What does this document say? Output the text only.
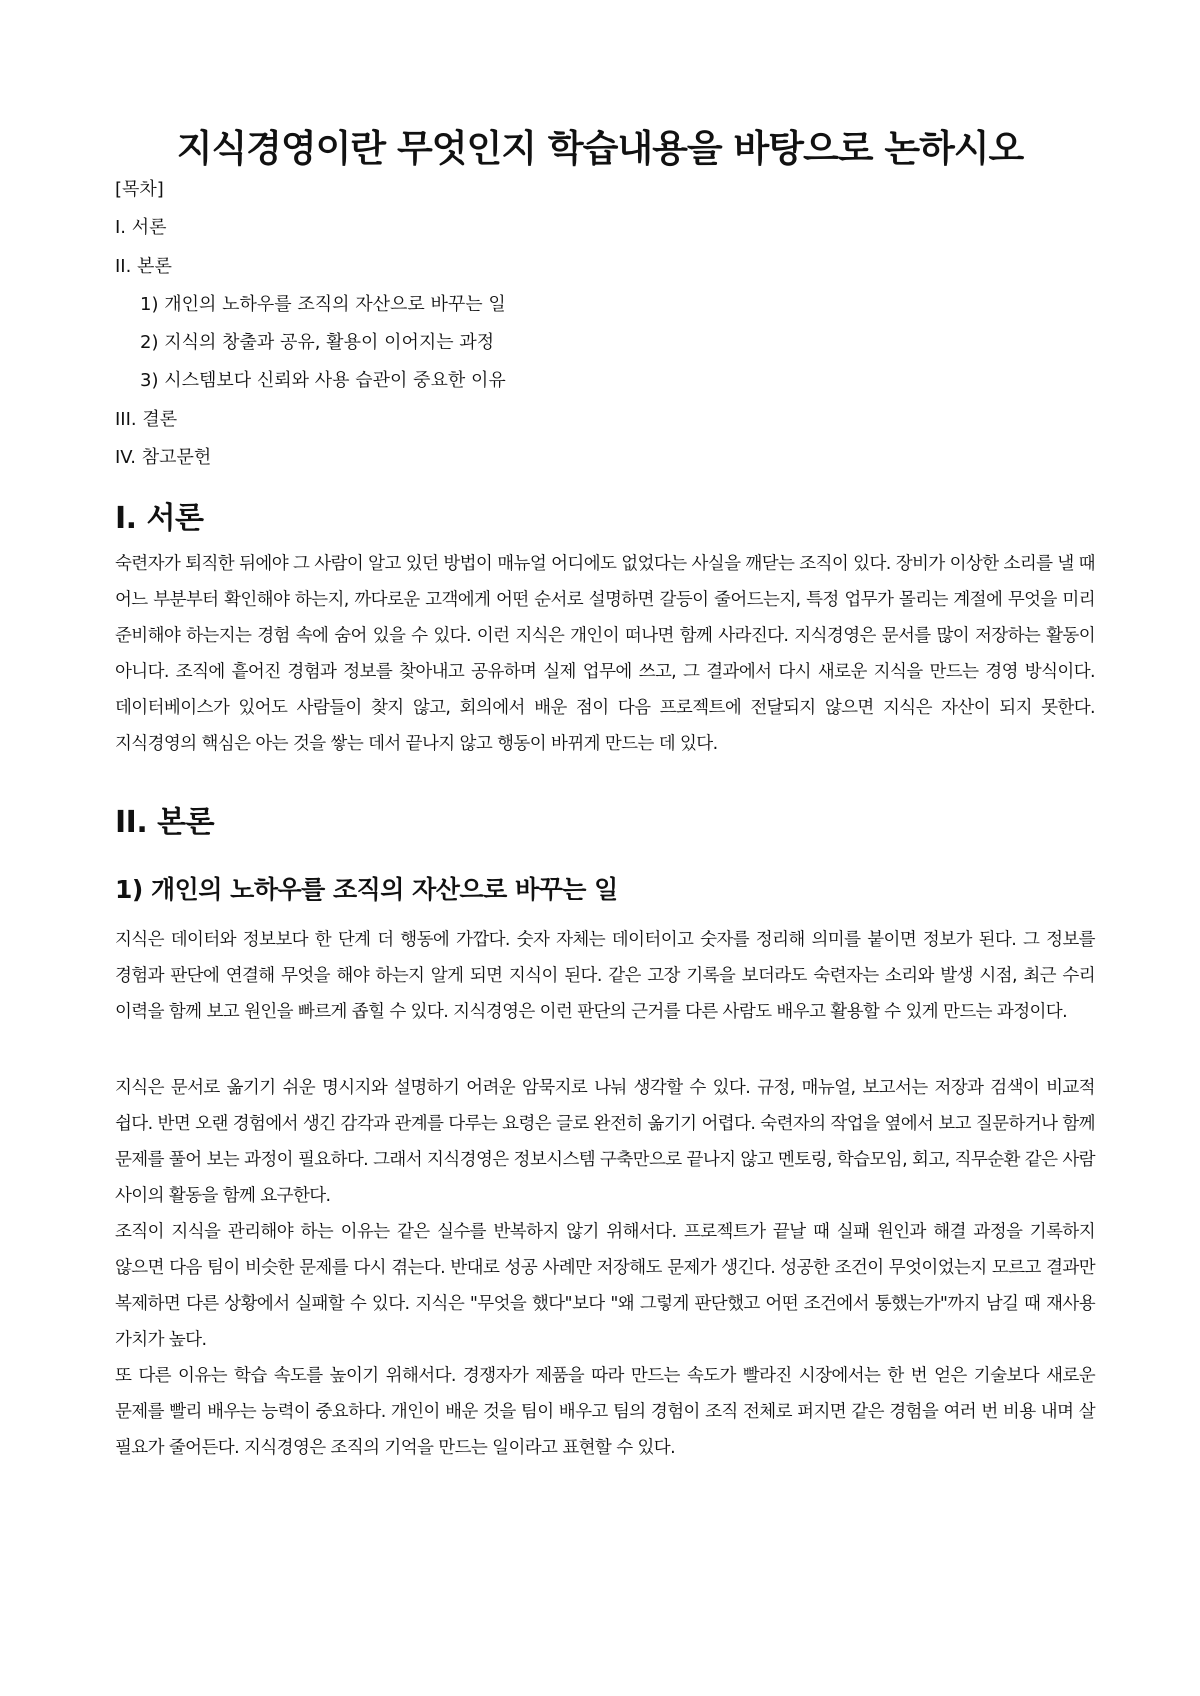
지식경영이란 무엇인지 학습내용을 바탕으로 논하시오

[목차]

I. 서론

II. 본론

1) 개인의 노하우를 조직의 자산으로 바꾸는 일

2) 지식의 창출과 공유, 활용이 이어지는 과정

3) 시스템보다 신뢰와 사용 습관이 중요한 이유

III. 결론

IV. 참고문헌

I. 서론

숙련자가 퇴직한 뒤에야 그 사람이 알고 있던 방법이 매뉴얼 어디에도 없었다는 사실을 깨닫는 조직이 있다. 장비가 이상한 소리를 낼 때 어느 부분부터 확인해야 하는지, 까다로운 고객에게 어떤 순서로 설명하면 갈등이 줄어드는지, 특정 업무가 몰리는 계절에 무엇을 미리 준비해야 하는지는 경험 속에 숨어 있을 수 있다. 이런 지식은 개인이 떠나면 함께 사라진다. 지식경영은 문서를 많이 저장하는 활동이 아니다. 조직에 흩어진 경험과 정보를 찾아내고 공유하며 실제 업무에 쓰고, 그 결과에서 다시 새로운 지식을 만드는 경영 방식이다. 데이터베이스가 있어도 사람들이 찾지 않고, 회의에서 배운 점이 다음 프로젝트에 전달되지 않으면 지식은 자산이 되지 못한다. 지식경영의 핵심은 아는 것을 쌓는 데서 끝나지 않고 행동이 바뀌게 만드는 데 있다.

II. 본론
1) 개인의 노하우를 조직의 자산으로 바꾸는 일

지식은 데이터와 정보보다 한 단계 더 행동에 가깝다. 숫자 자체는 데이터이고 숫자를 정리해 의미를 붙이면 정보가 된다. 그 정보를 경험과 판단에 연결해 무엇을 해야 하는지 알게 되면 지식이 된다. 같은 고장 기록을 보더라도 숙련자는 소리와 발생 시점, 최근 수리 이력을 함께 보고 원인을 빠르게 좁힐 수 있다. 지식경영은 이런 판단의 근거를 다른 사람도 배우고 활용할 수 있게 만드는 과정이다.

지식은 문서로 옮기기 쉬운 명시지와 설명하기 어려운 암묵지로 나눠 생각할 수 있다. 규정, 매뉴얼, 보고서는 저장과 검색이 비교적 쉽다. 반면 오랜 경험에서 생긴 감각과 관계를 다루는 요령은 글로 완전히 옮기기 어렵다. 숙련자의 작업을 옆에서 보고 질문하거나 함께 문제를 풀어 보는 과정이 필요하다. 그래서 지식경영은 정보시스템 구축만으로 끝나지 않고 멘토링, 학습모임, 회고, 직무순환 같은 사람 사이의 활동을 함께 요구한다.

조직이 지식을 관리해야 하는 이유는 같은 실수를 반복하지 않기 위해서다. 프로젝트가 끝날 때 실패 원인과 해결 과정을 기록하지 않으면 다음 팀이 비슷한 문제를 다시 겪는다. 반대로 성공 사례만 저장해도 문제가 생긴다. 성공한 조건이 무엇이었는지 모르고 결과만 복제하면 다른 상황에서 실패할 수 있다. 지식은 "무엇을 했다"보다 "왜 그렇게 판단했고 어떤 조건에서 통했는가"까지 남길 때 재사용 가치가 높다.

또 다른 이유는 학습 속도를 높이기 위해서다. 경쟁자가 제품을 따라 만드는 속도가 빨라진 시장에서는 한 번 얻은 기술보다 새로운 문제를 빨리 배우는 능력이 중요하다. 개인이 배운 것을 팀이 배우고 팀의 경험이 조직 전체로 퍼지면 같은 경험을 여러 번 비용 내며 살 필요가 줄어든다. 지식경영은 조직의 기억을 만드는 일이라고 표현할 수 있다.
